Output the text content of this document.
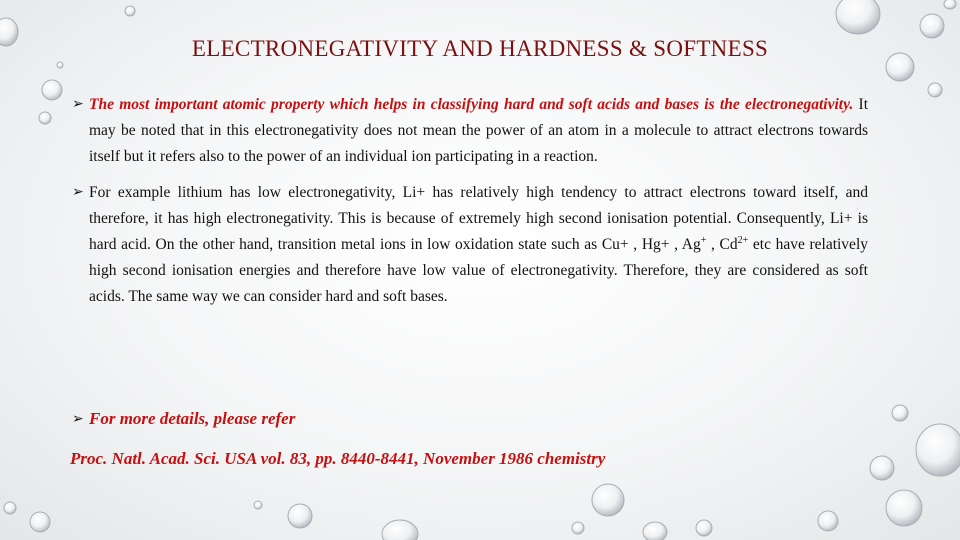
ELECTRONEGATIVITY AND HARDNESS & SOFTNESS

➢ The most important atomic property which helps in classifying hard and soft acids and bases is the electronegativity. It may be noted that in this electronegativity does not mean the power of an atom in a molecule to attract electrons towards itself but it refers also to the power of an individual ion participating in a reaction.

➢ For example lithium has low electronegativity, Li+ has relatively high tendency to attract electrons toward itself, and therefore, it has high electronegativity. This is because of extremely high second ionisation potential. Consequently, Li+ is hard acid. On the other hand, transition metal ions in low oxidation state such as Cu+ , Hg+ , Ag+ , $Cd^{2+}$ etc have relatively high second ionisation energies and therefore have low value of electronegativity. Therefore, they are considered as soft acids. The same way we can consider hard and soft bases.

➢ For more details, please refer

Proc. Natl. Acad. Sci. USA vol. 83, pp. 8440-8441, November 1986 chemistry
